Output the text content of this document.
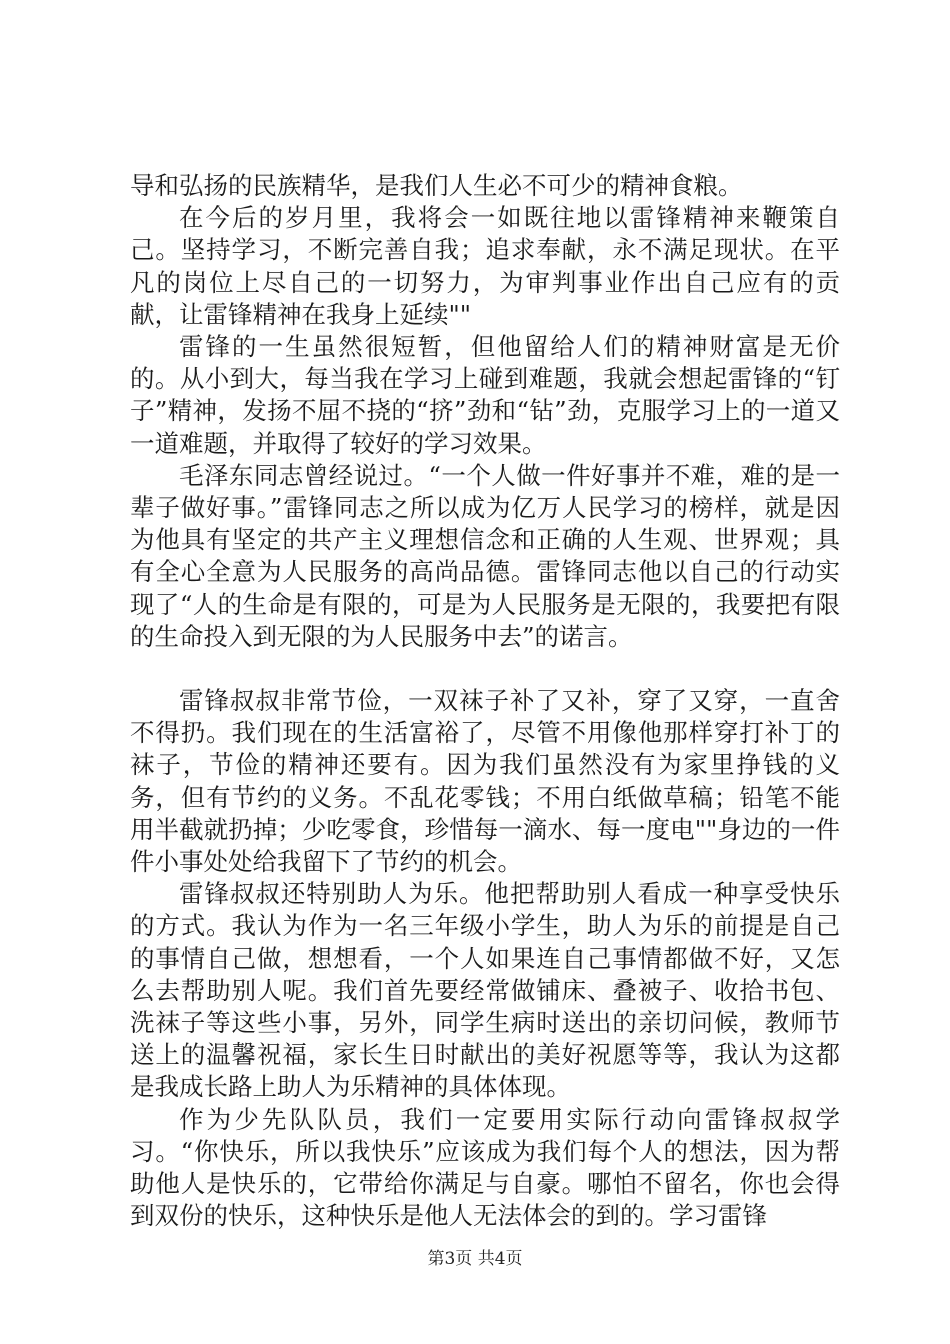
导和弘扬的民族精华，是我们人生必不可少的精神食粮。

在今后的岁月里，我将会一如既往地以雷锋精神来鞭策自己。坚持学习，不断完善自我；追求奉献，永不满足现状。在平凡的岗位上尽自己的一切努力，为审判事业作出自己应有的贡献，让雷锋精神在我身上延续""

雷锋的一生虽然很短暂，但他留给人们的精神财富是无价的。从小到大，每当我在学习上碰到难题，我就会想起雷锋的“钉子”精神，发扬不屈不挠的“挤”劲和“钻”劲，克服学习上的一道又一道难题，并取得了较好的学习效果。

毛泽东同志曾经说过。“一个人做一件好事并不难，难的是一辈子做好事。”雷锋同志之所以成为亿万人民学习的榜样，就是因为他具有坚定的共产主义理想信念和正确的人生观、世界观；具有全心全意为人民服务的高尚品德。雷锋同志他以自己的行动实现了“人的生命是有限的，可是为人民服务是无限的，我要把有限的生命投入到无限的为人民服务中去”的诺言。

雷锋叔叔非常节俭，一双袜子补了又补，穿了又穿，一直舍不得扔。我们现在的生活富裕了，尽管不用像他那样穿打补丁的袜子，节俭的精神还要有。因为我们虽然没有为家里挣钱的义务，但有节约的义务。不乱花零钱；不用白纸做草稿；铅笔不能用半截就扔掉；少吃零食，珍惜每一滴水、每一度电""身边的一件件小事处处给我留下了节约的机会。

雷锋叔叔还特别助人为乐。他把帮助别人看成一种享受快乐的方式。我认为作为一名三年级小学生，助人为乐的前提是自己的事情自己做，想想看，一个人如果连自己事情都做不好，又怎么去帮助别人呢。我们首先要经常做铺床、叠被子、收拾书包、洗袜子等这些小事，另外，同学生病时送出的亲切问候，教师节送上的温馨祝福，家长生日时献出的美好祝愿等等，我认为这都是我成长路上助人为乐精神的具体体现。

作为少先队队员，我们一定要用实际行动向雷锋叔叔学习。“你快乐，所以我快乐”应该成为我们每个人的想法，因为帮助他人是快乐的，它带给你满足与自豪。哪怕不留名，你也会得到双份的快乐，这种快乐是他人无法体会的到的。学习雷锋

第3页 共4页
